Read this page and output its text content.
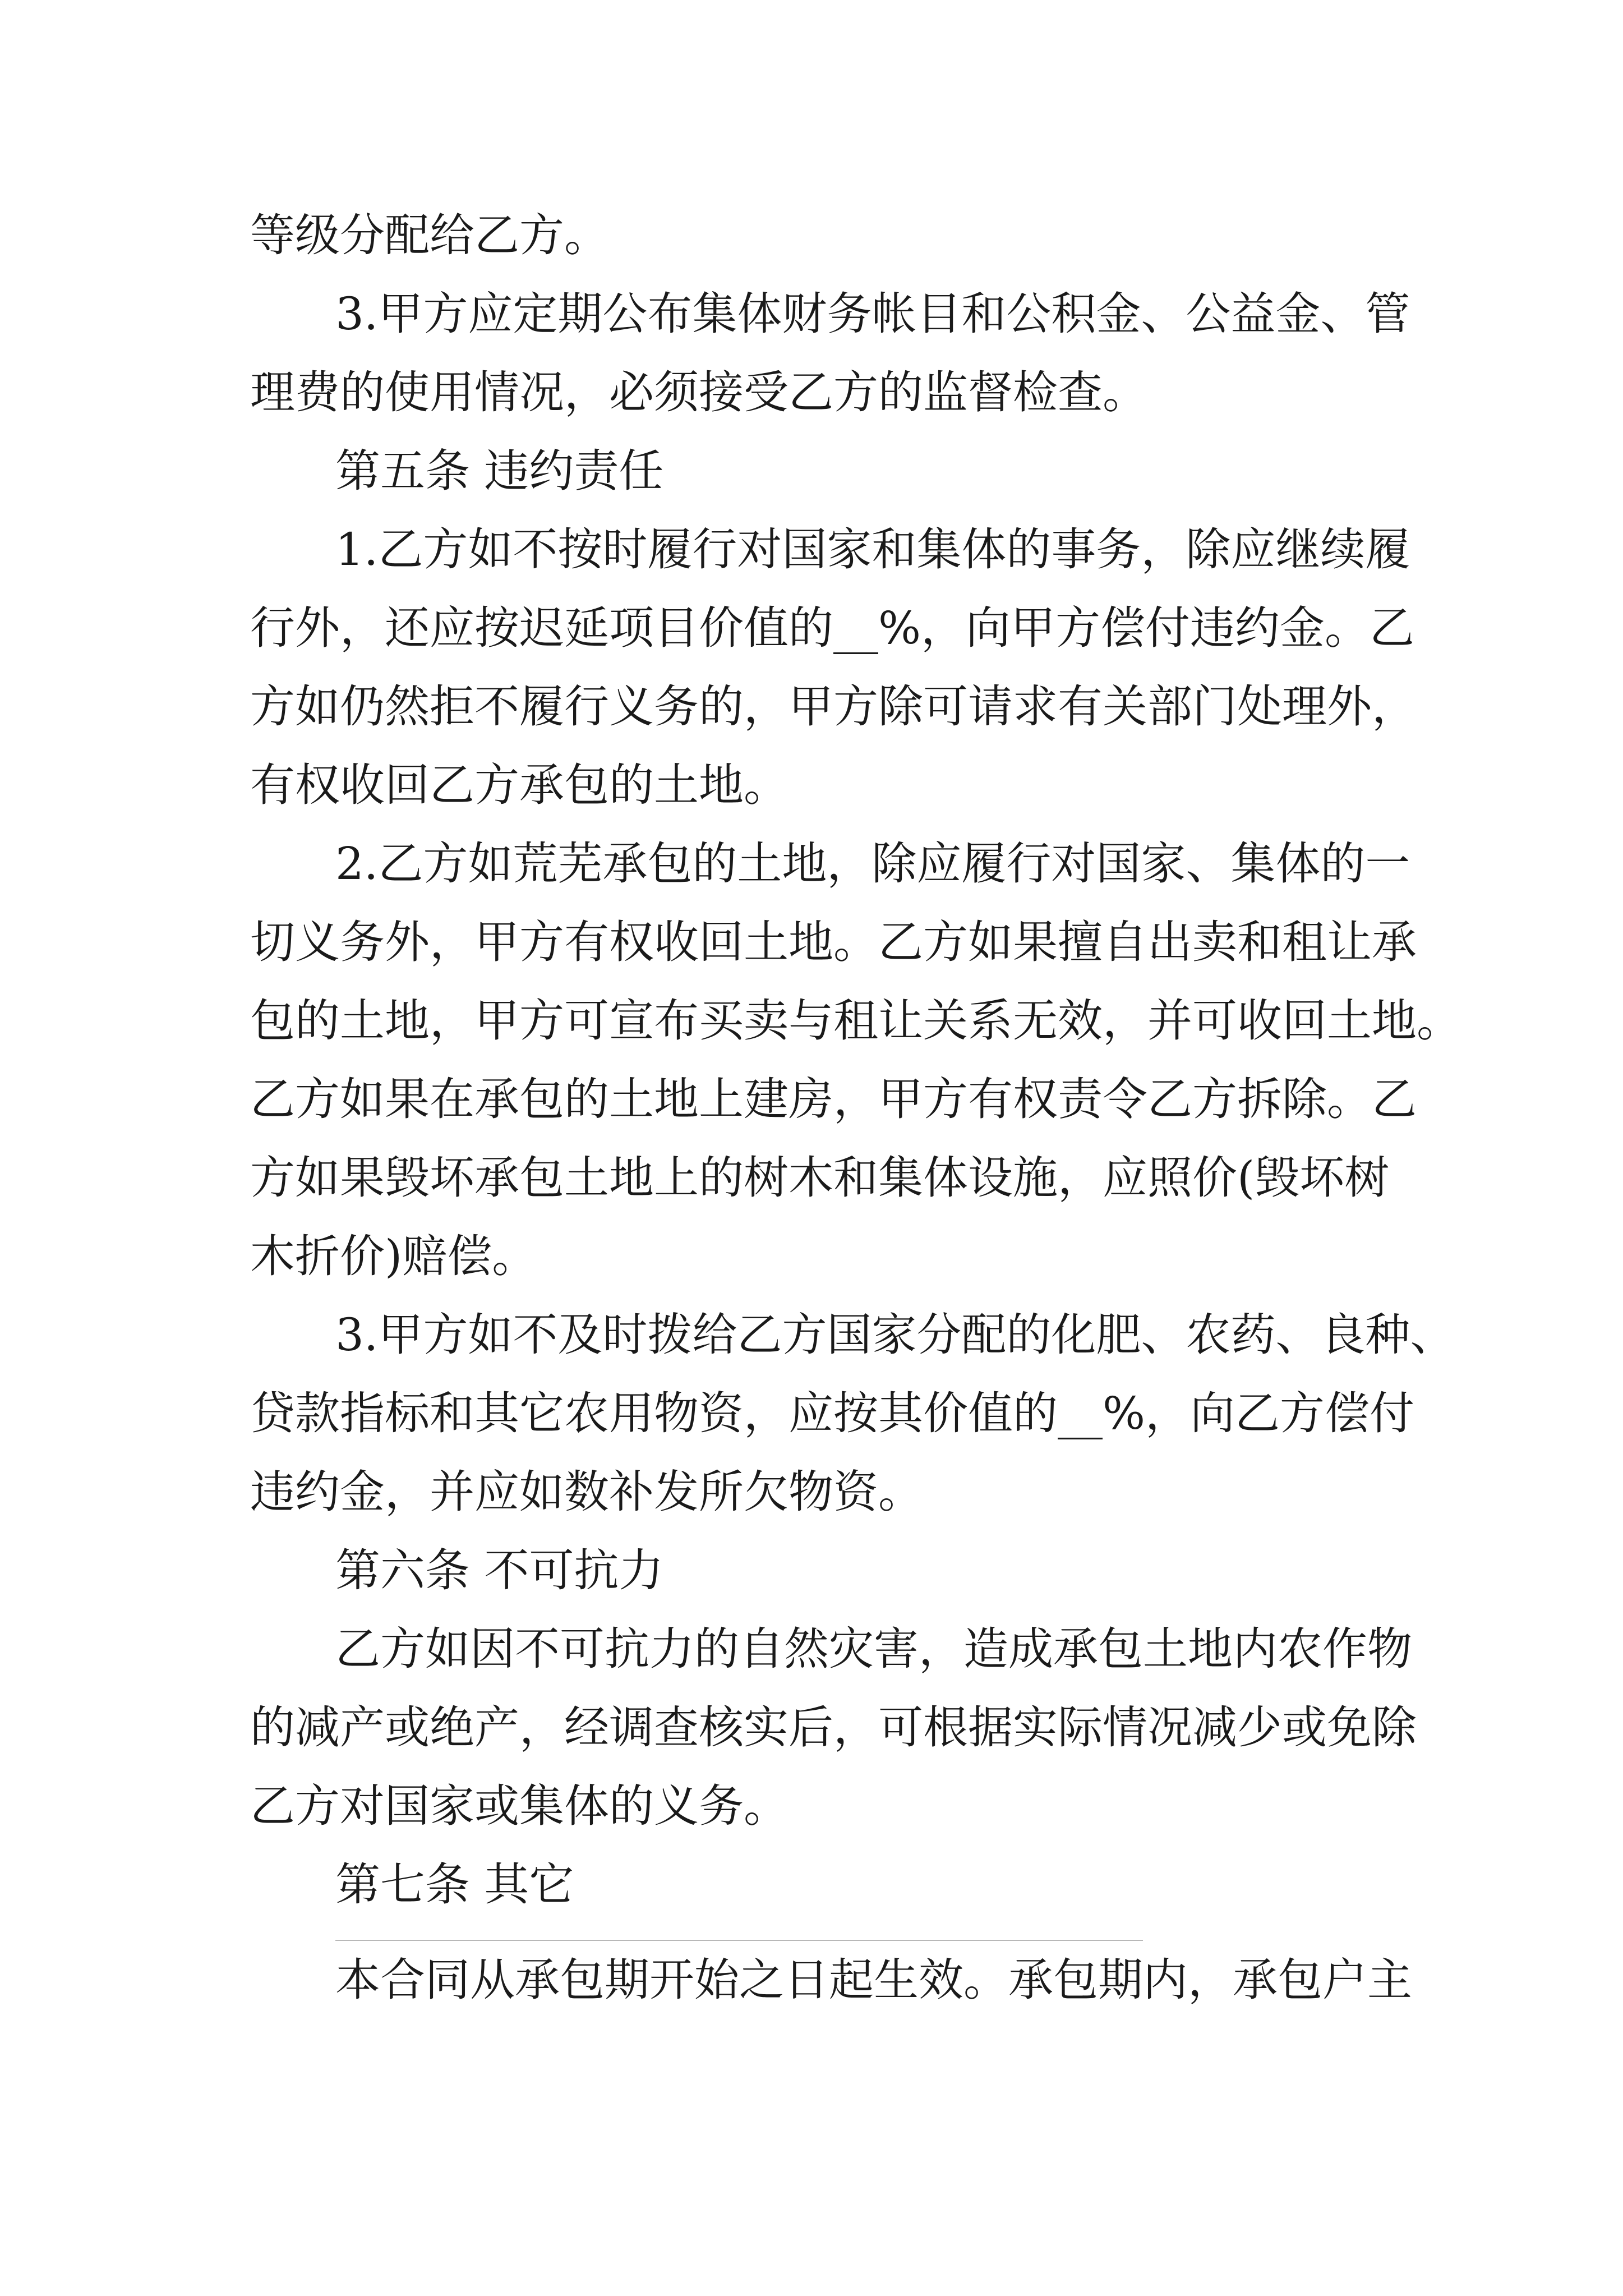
等级分配给乙方。
3.甲方应定期公布集体财务帐目和公积金、公益金、管
理费的使用情况，必须接受乙方的监督检查。
第五条 违约责任
1.乙方如不按时履行对国家和集体的事务，除应继续履
行外，还应按迟延项目价值的__%，向甲方偿付违约金。乙
方如仍然拒不履行义务的，甲方除可请求有关部门处理外，
有权收回乙方承包的土地。
2.乙方如荒芜承包的土地，除应履行对国家、集体的一
切义务外，甲方有权收回土地。乙方如果擅自出卖和租让承
包的土地，甲方可宣布买卖与租让关系无效，并可收回土地。
乙方如果在承包的土地上建房，甲方有权责令乙方拆除。乙
方如果毁坏承包土地上的树木和集体设施，应照价(毁坏树
木折价)赔偿。
3.甲方如不及时拨给乙方国家分配的化肥、农药、良种、
贷款指标和其它农用物资，应按其价值的__%，向乙方偿付
违约金，并应如数补发所欠物资。
第六条 不可抗力
乙方如因不可抗力的自然灾害，造成承包土地内农作物
的减产或绝产，经调查核实后，可根据实际情况减少或免除
乙方对国家或集体的义务。
第七条 其它
本合同从承包期开始之日起生效。承包期内，承包户主
